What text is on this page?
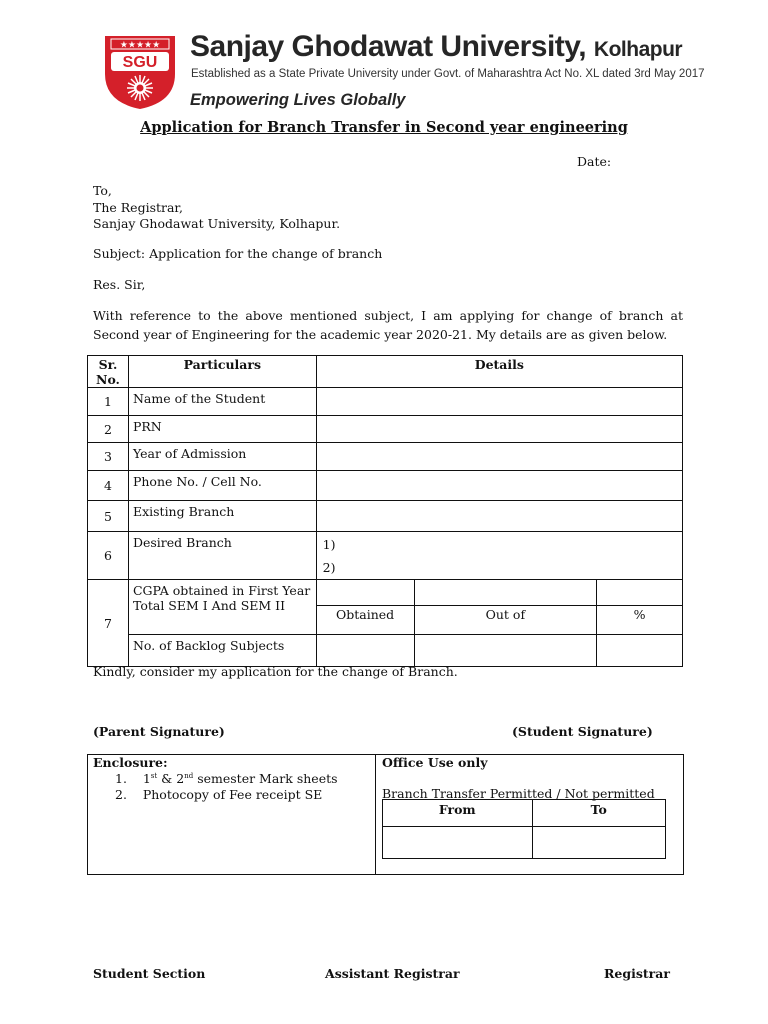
★★★★★
SGU Sanjay Ghodawat University, Kolhapur
Established as a State Private University under Govt. of Maharashtra Act No. XL dated 3rd May 2017
Empowering Lives Globally
Application for Branch Transfer in Second year engineering
Date:
To,
The Registrar,
Sanjay Ghodawat University, Kolhapur.
Subject: Application for the change of branch
Res. Sir,
With reference to the above mentioned subject, I am applying for change of branch at Second year of Engineering for the academic year 2020-21. My details are as given below.
Sr.
No.	Particulars	Details		
1	Name of the Student			
2	PRN			
3	Year of Admission			
4	Phone No. / Cell No.			
5	Existing Branch			
6	Desired Branch	1)
2)		
7	CGPA obtained in First Year
Total SEM I And SEM II			
		Obtained	Out of	%
	No. of Backlog Subjects			
Kindly, consider my application for the change of Branch.
(Parent Signature)	(Student Signature)
Enclosure:
1. 1st & 2nd semester Mark sheets
2. Photocopy of Fee receipt SE
Office Use only
Branch Transfer Permitted / Not permitted
From	To

Student Section	Assistant Registrar	Registrar
